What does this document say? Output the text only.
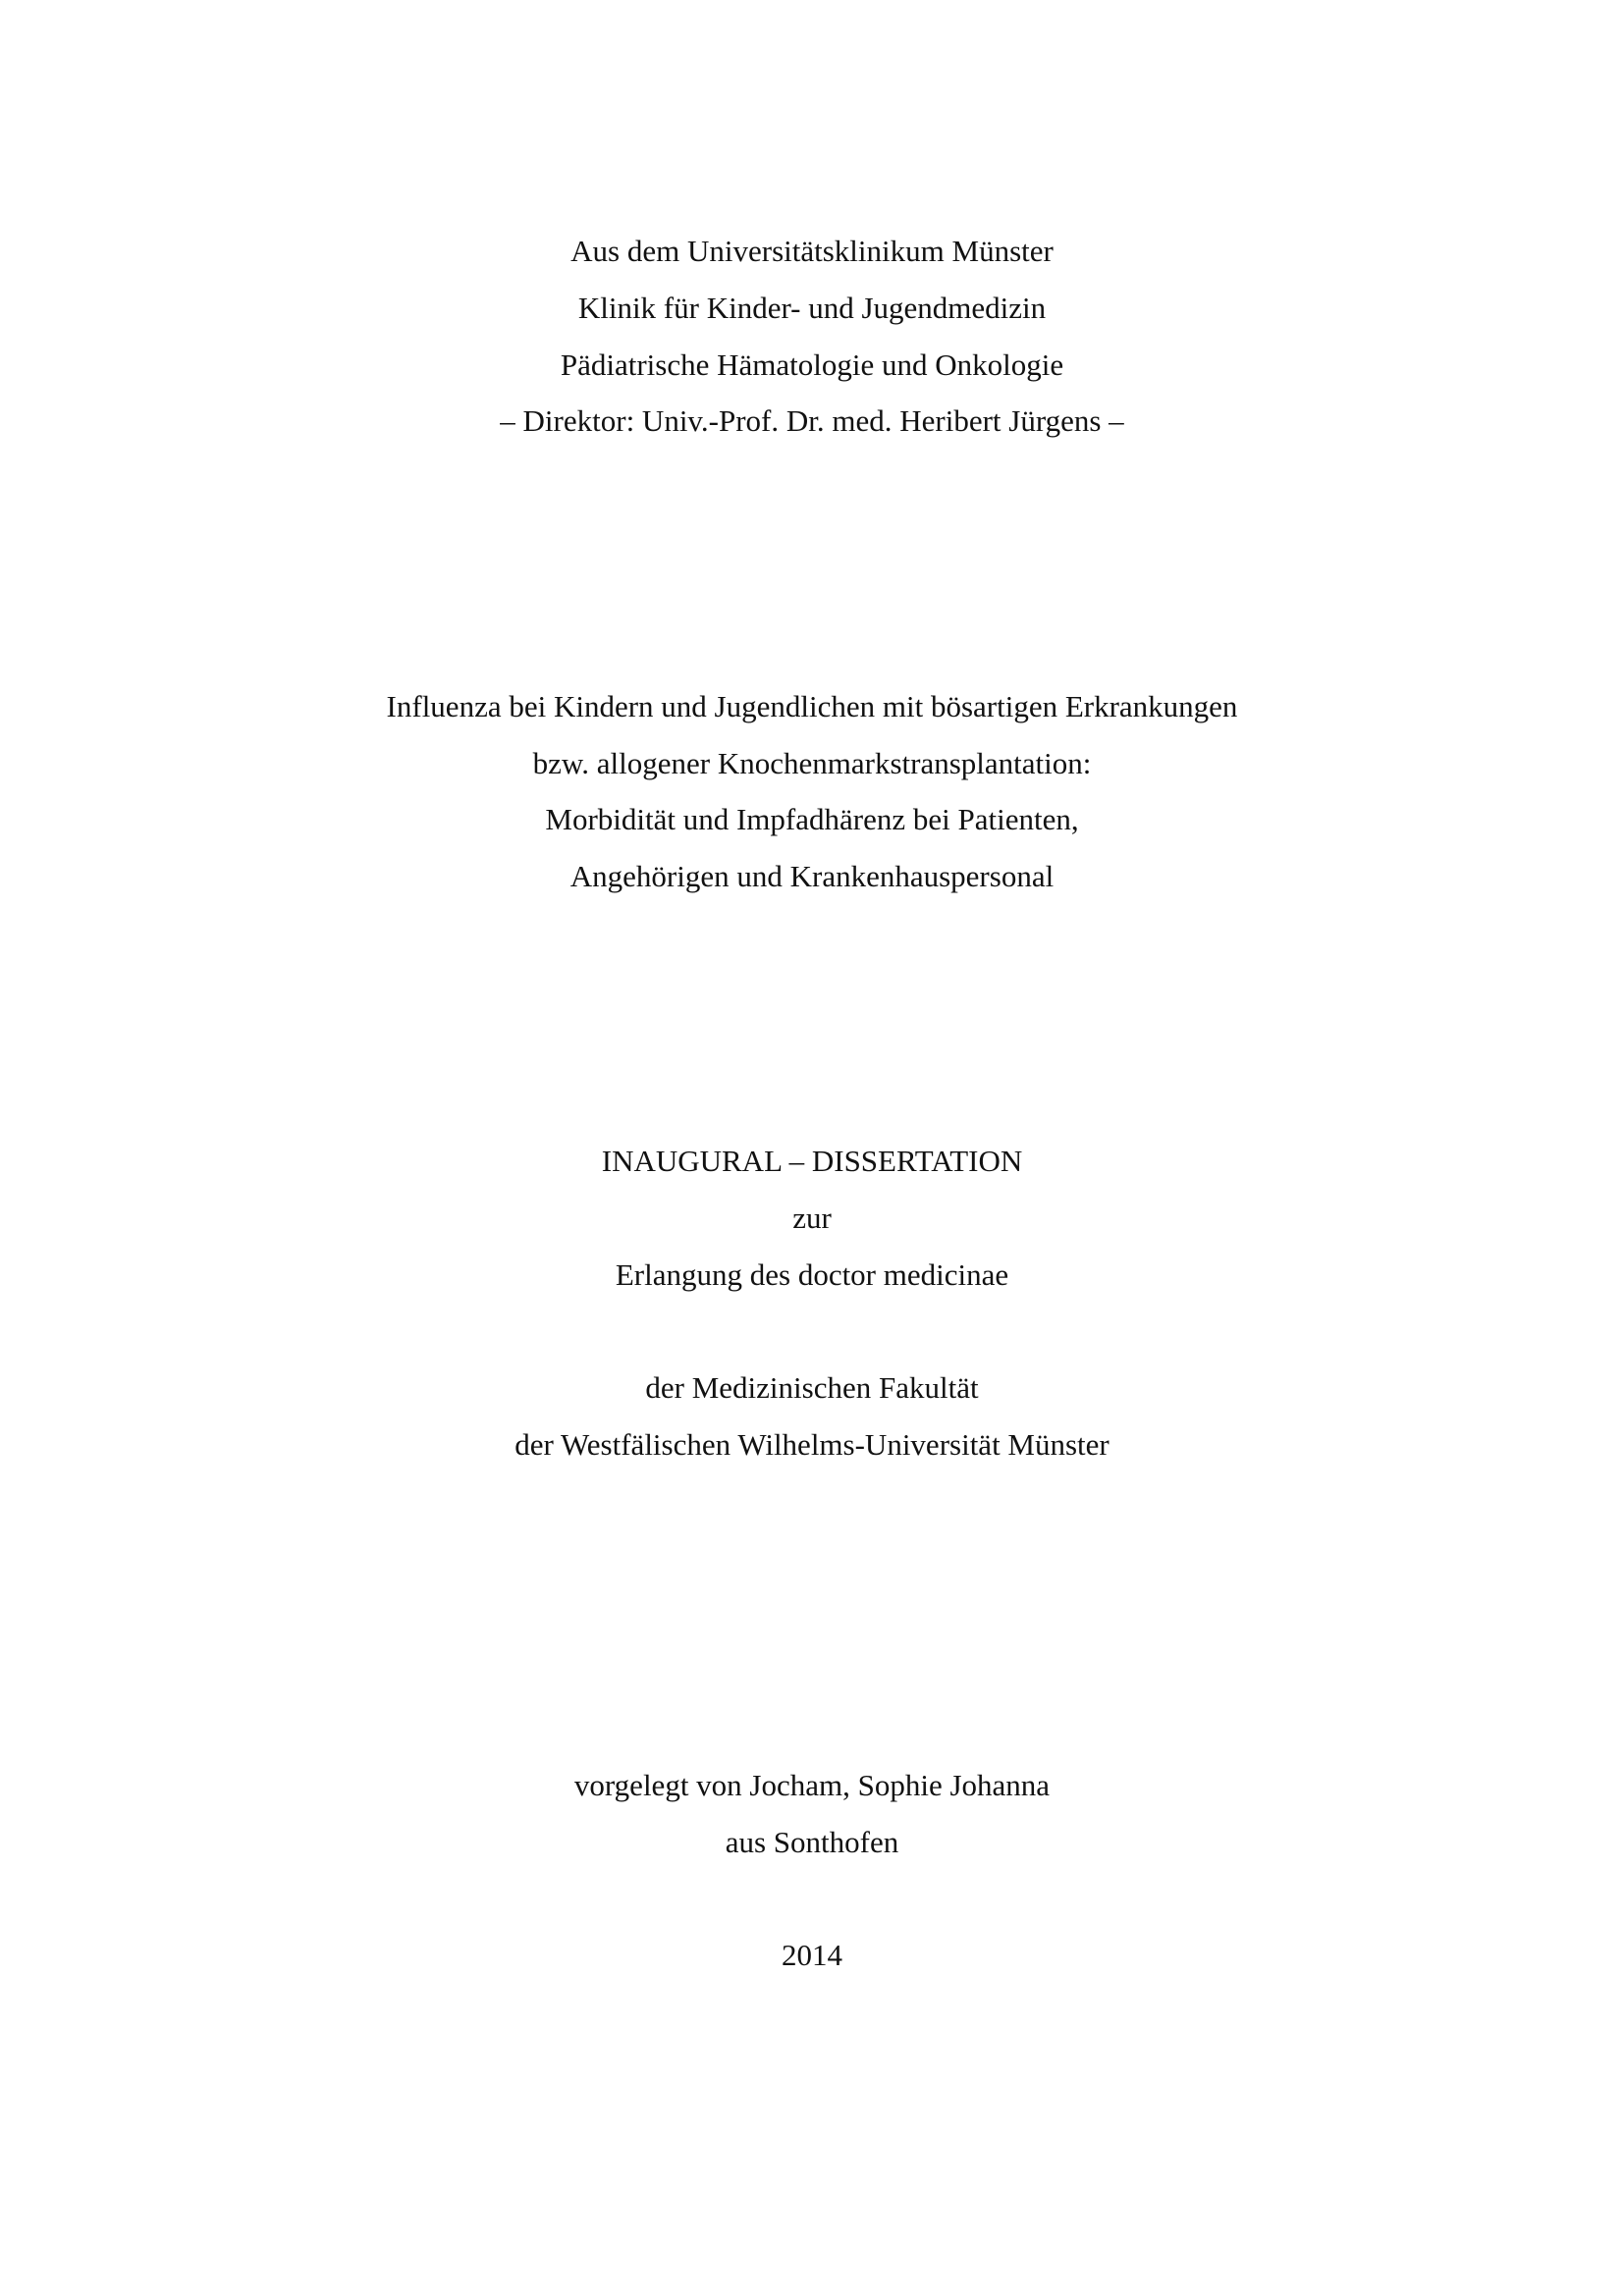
Aus dem Universitätsklinikum Münster
Klinik für Kinder- und Jugendmedizin
Pädiatrische Hämatologie und Onkologie
– Direktor: Univ.-Prof. Dr. med. Heribert Jürgens –
Influenza bei Kindern und Jugendlichen mit bösartigen Erkrankungen
bzw. allogener Knochenmarkstransplantation:
Morbidität und Impfadhärenz bei Patienten,
Angehörigen und Krankenhauspersonal
INAUGURAL – DISSERTATION
zur
Erlangung des doctor medicinae
der Medizinischen Fakultät
der Westfälischen Wilhelms-Universität Münster
vorgelegt von Jocham, Sophie Johanna
aus Sonthofen
2014
